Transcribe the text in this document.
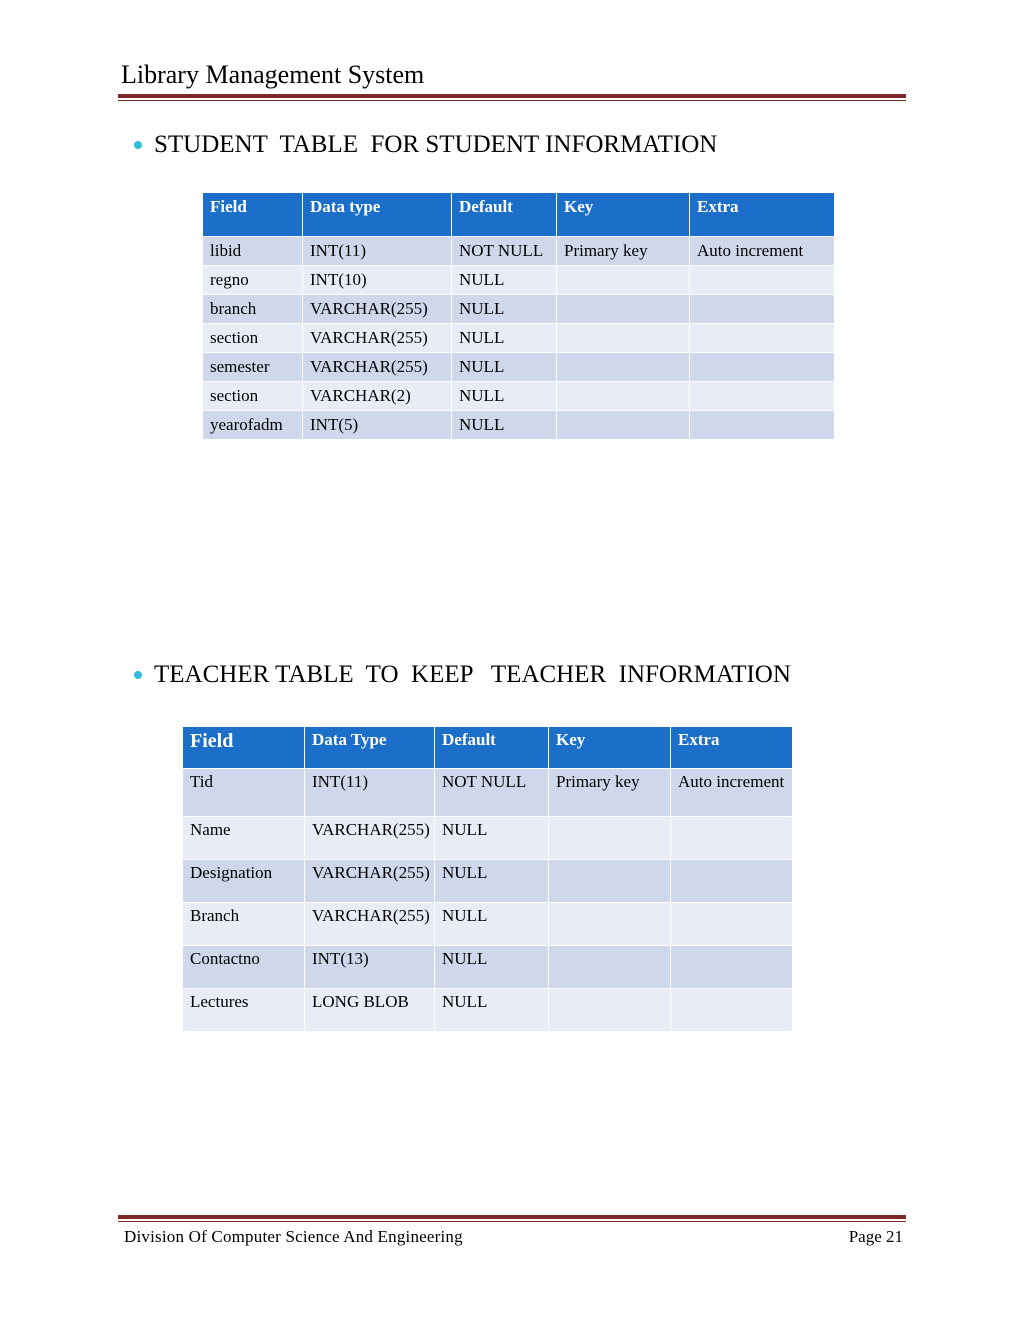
Library Management System
STUDENT  TABLE  FOR STUDENT INFORMATION
Field	Data type	Default	Key	Extra
libid	INT(11)	NOT NULL	Primary key	Auto increment
regno	INT(10)	NULL		
branch	VARCHAR(255)	NULL		
section	VARCHAR(255)	NULL		
semester	VARCHAR(255)	NULL		
section	VARCHAR(2)	NULL		
yearofadm	INT(5)	NULL		
TEACHER TABLE  TO  KEEP   TEACHER  INFORMATION
Field	Data Type	Default	Key	Extra
Tid	INT(11)	NOT NULL	Primary key	Auto increment
Name	VARCHAR(255)	NULL		
Designation	VARCHAR(255)	NULL		
Branch	VARCHAR(255)	NULL		
Contactno	INT(13)	NULL		
Lectures	LONG BLOB	NULL		
Division Of Computer Science And Engineering	Page 21
